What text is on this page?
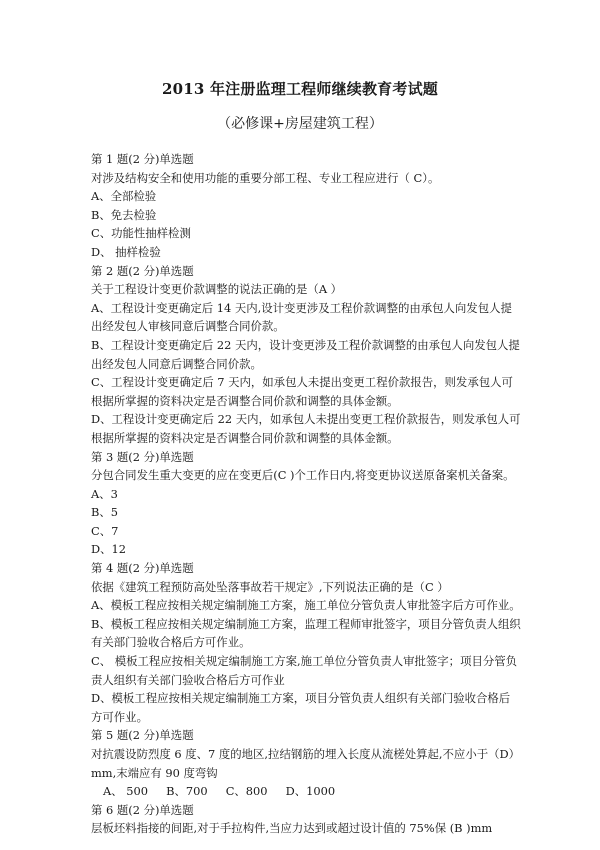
2013 年注册监理工程师继续教育考试题
（必修课+房屋建筑工程）
第 1 题(2 分)单选题
对涉及结构安全和使用功能的重要分部工程、专业工程应进行（ C）。
A、全部检验
B、免去检验
C、功能性抽样检测
D、 抽样检验
第 2 题(2 分)单选题
关于工程设计变更价款调整的说法正确的是（A ）
A、工程设计变更确定后 14 天内,设计变更涉及工程价款调整的由承包人向发包人提出经发包人审核同意后调整合同价款。
B、工程设计变更确定后 22 天内，设计变更涉及工程价款调整的由承包人向发包人提出经发包人同意后调整合同价款。
C、工程设计变更确定后 7 天内，如承包人未提出变更工程价款报告，则发承包人可根据所掌握的资料决定是否调整合同价款和调整的具体金额。
D、工程设计变更确定后 22 天内，如承包人未提出变更工程价款报告，则发承包人可根据所掌握的资料决定是否调整合同价款和调整的具体金额。
第 3 题(2 分)单选题
分包合同发生重大变更的应在变更后(C )个工作日内,将变更协议送原备案机关备案。
A、3
B、5
C、7
D、12
第 4 题(2 分)单选题
依据《建筑工程预防高处坠落事故若干规定》,下列说法正确的是（C ）
A、模板工程应按相关规定编制施工方案，施工单位分管负责人审批签字后方可作业。
B、模板工程应按相关规定编制施工方案，监理工程师审批签字，项目分管负责人组织有关部门验收合格后方可作业。
C、 模板工程应按相关规定编制施工方案,施工单位分管负责人审批签字；项目分管负责人组织有关部门验收合格后方可作业
D、模板工程应按相关规定编制施工方案，项目分管负责人组织有关部门验收合格后方可作业。
第 5 题(2 分)单选题
对抗震设防烈度 6 度、7 度的地区,拉结钢筋的埋入长度从流槎处算起,不应小于（D）mm,末端应有 90 度弯钩
A、 500     B、700     C、800     D、1000
第 6 题(2 分)单选题
层板坯料指接的间距,对于手拉构件,当应力达到或超过设计值的 75%保 (B )mm
